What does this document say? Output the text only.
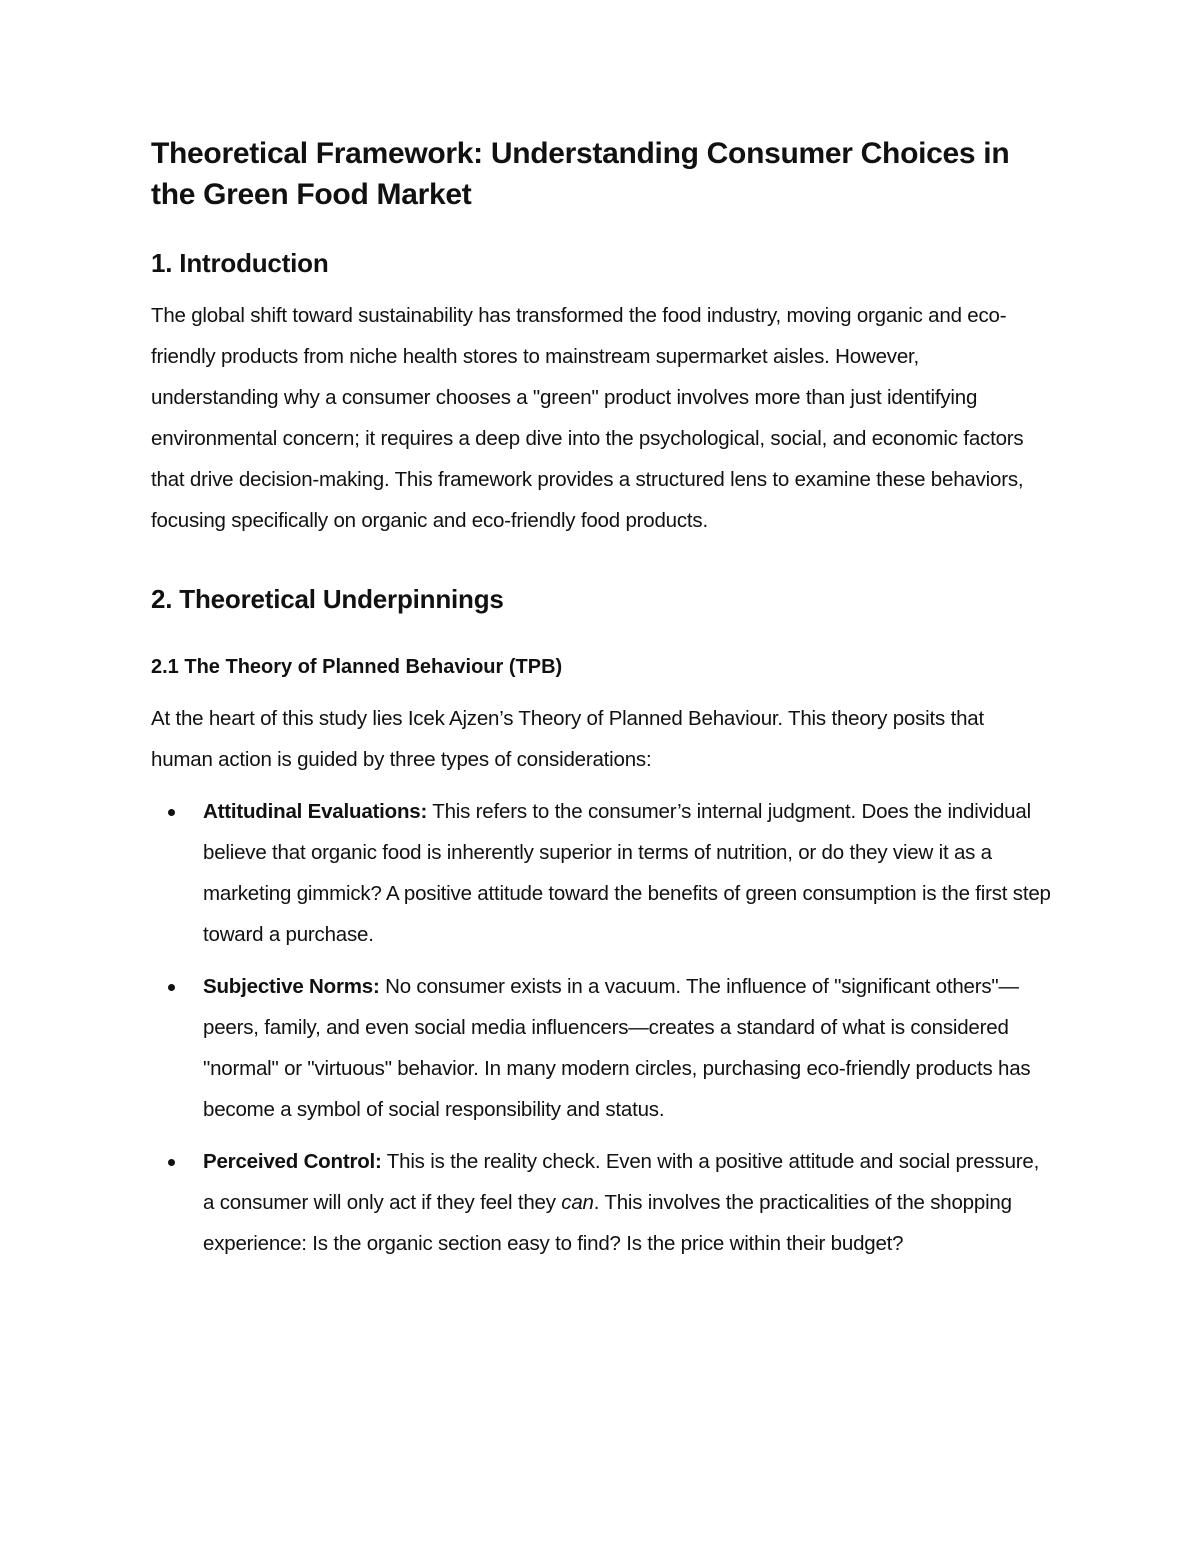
Theoretical Framework: Understanding Consumer Choices in the Green Food Market
1. Introduction

The global shift toward sustainability has transformed the food industry, moving organic and eco-friendly products from niche health stores to mainstream supermarket aisles. However, understanding why a consumer chooses a "green" product involves more than just identifying environmental concern; it requires a deep dive into the psychological, social, and economic factors that drive decision-making. This framework provides a structured lens to examine these behaviors, focusing specifically on organic and eco-friendly food products.

2. Theoretical Underpinnings
2.1 The Theory of Planned Behaviour (TPB)

At the heart of this study lies Icek Ajzen’s Theory of Planned Behaviour. This theory posits that human action is guided by three types of considerations:

Attitudinal Evaluations: This refers to the consumer’s internal judgment. Does the individual believe that organic food is inherently superior in terms of nutrition, or do they view it as a marketing gimmick? A positive attitude toward the benefits of green consumption is the first step toward a purchase.
Subjective Norms: No consumer exists in a vacuum. The influence of "significant others"—peers, family, and even social media influencers—creates a standard of what is considered "normal" or "virtuous" behavior. In many modern circles, purchasing eco-friendly products has become a symbol of social responsibility and status.
Perceived Control: This is the reality check. Even with a positive attitude and social pressure, a consumer will only act if they feel they can. This involves the practicalities of the shopping experience: Is the organic section easy to find? Is the price within their budget?
